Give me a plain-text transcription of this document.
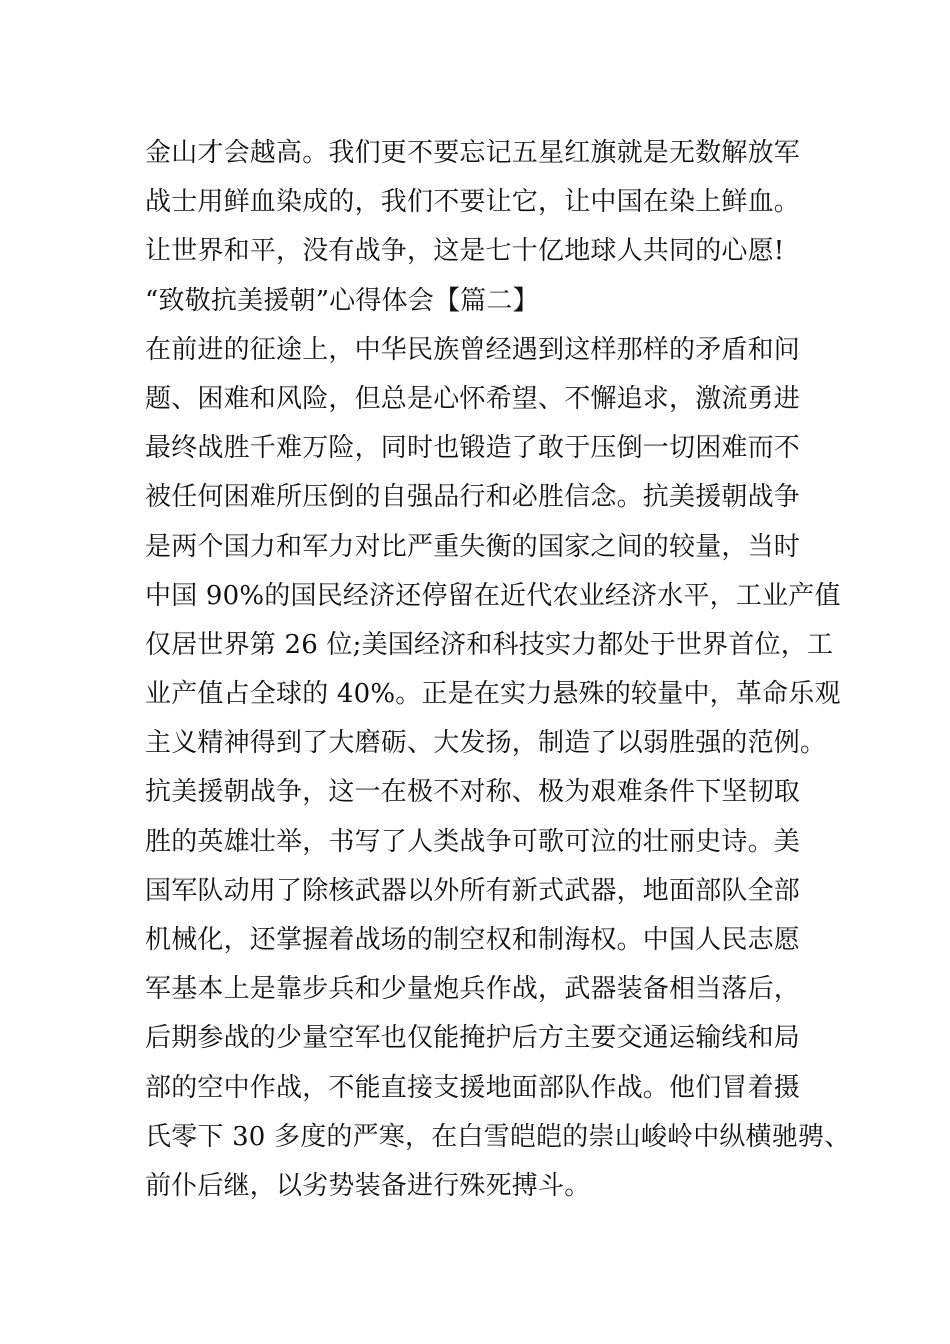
金山才会越高。我们更不要忘记五星红旗就是无数解放军
战士用鲜血染成的，我们不要让它，让中国在染上鲜血。
让世界和平，没有战争，这是七十亿地球人共同的心愿!
“致敬抗美援朝”心得体会【篇二】
在前进的征途上，中华民族曾经遇到这样那样的矛盾和问
题、困难和风险，但总是心怀希望、不懈追求，激流勇进
最终战胜千难万险，同时也锻造了敢于压倒一切困难而不
被任何困难所压倒的自强品行和必胜信念。抗美援朝战争
是两个国力和军力对比严重失衡的国家之间的较量，当时
中国 90%的国民经济还停留在近代农业经济水平，工业产值
仅居世界第 26 位;美国经济和科技实力都处于世界首位，工
业产值占全球的 40%。正是在实力悬殊的较量中，革命乐观
主义精神得到了大磨砺、大发扬，制造了以弱胜强的范例。
抗美援朝战争，这一在极不对称、极为艰难条件下坚韧取
胜的英雄壮举，书写了人类战争可歌可泣的壮丽史诗。美
国军队动用了除核武器以外所有新式武器，地面部队全部
机械化，还掌握着战场的制空权和制海权。中国人民志愿
军基本上是靠步兵和少量炮兵作战，武器装备相当落后，
后期参战的少量空军也仅能掩护后方主要交通运输线和局
部的空中作战，不能直接支援地面部队作战。他们冒着摄
氏零下 30 多度的严寒，在白雪皑皑的崇山峻岭中纵横驰骋、
前仆后继，以劣势装备进行殊死搏斗。
